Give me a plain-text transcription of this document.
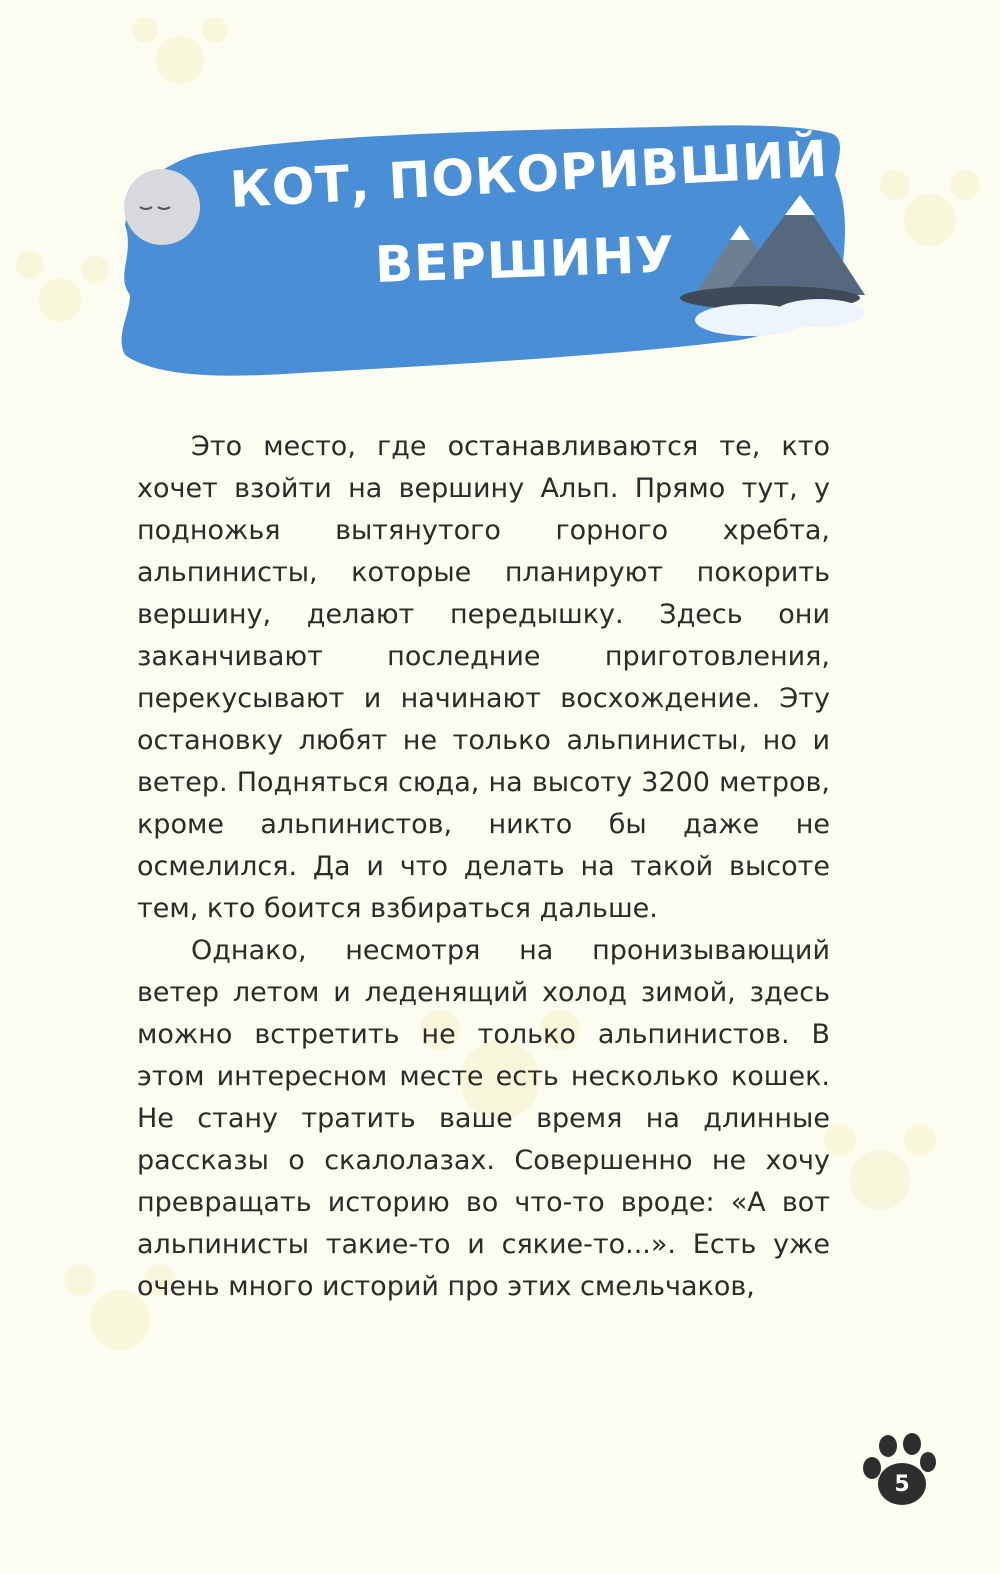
КОТ, ПОКОРИВШИЙ
ВЕРШИНУ

Это место, где останавливаются те, кто хочет взойти на вершину Альп. Прямо тут, у подножья вытянутого горного хребта, альпинисты, которые планируют покорить вершину, делают передышку. Здесь они заканчивают последние приготовления, перекусывают и начинают восхождение. Эту остановку любят не только альпинисты, но и ветер. Подняться сюда, на высоту 3200 метров, кроме альпинистов, никто бы даже не осмелился. Да и что делать на такой высоте тем, кто боится взбираться дальше.

Однако, несмотря на пронизывающий ветер летом и леденящий холод зимой, здесь можно встретить не только альпинистов. В этом интересном месте есть несколько кошек. Не стану тратить ваше время на длинные рассказы о скалолазах. Совершенно не хочу превращать историю во что-то вроде: «А вот альпинисты такие-то и сякие-то...». Есть уже очень много историй про этих смельчаков,

5
